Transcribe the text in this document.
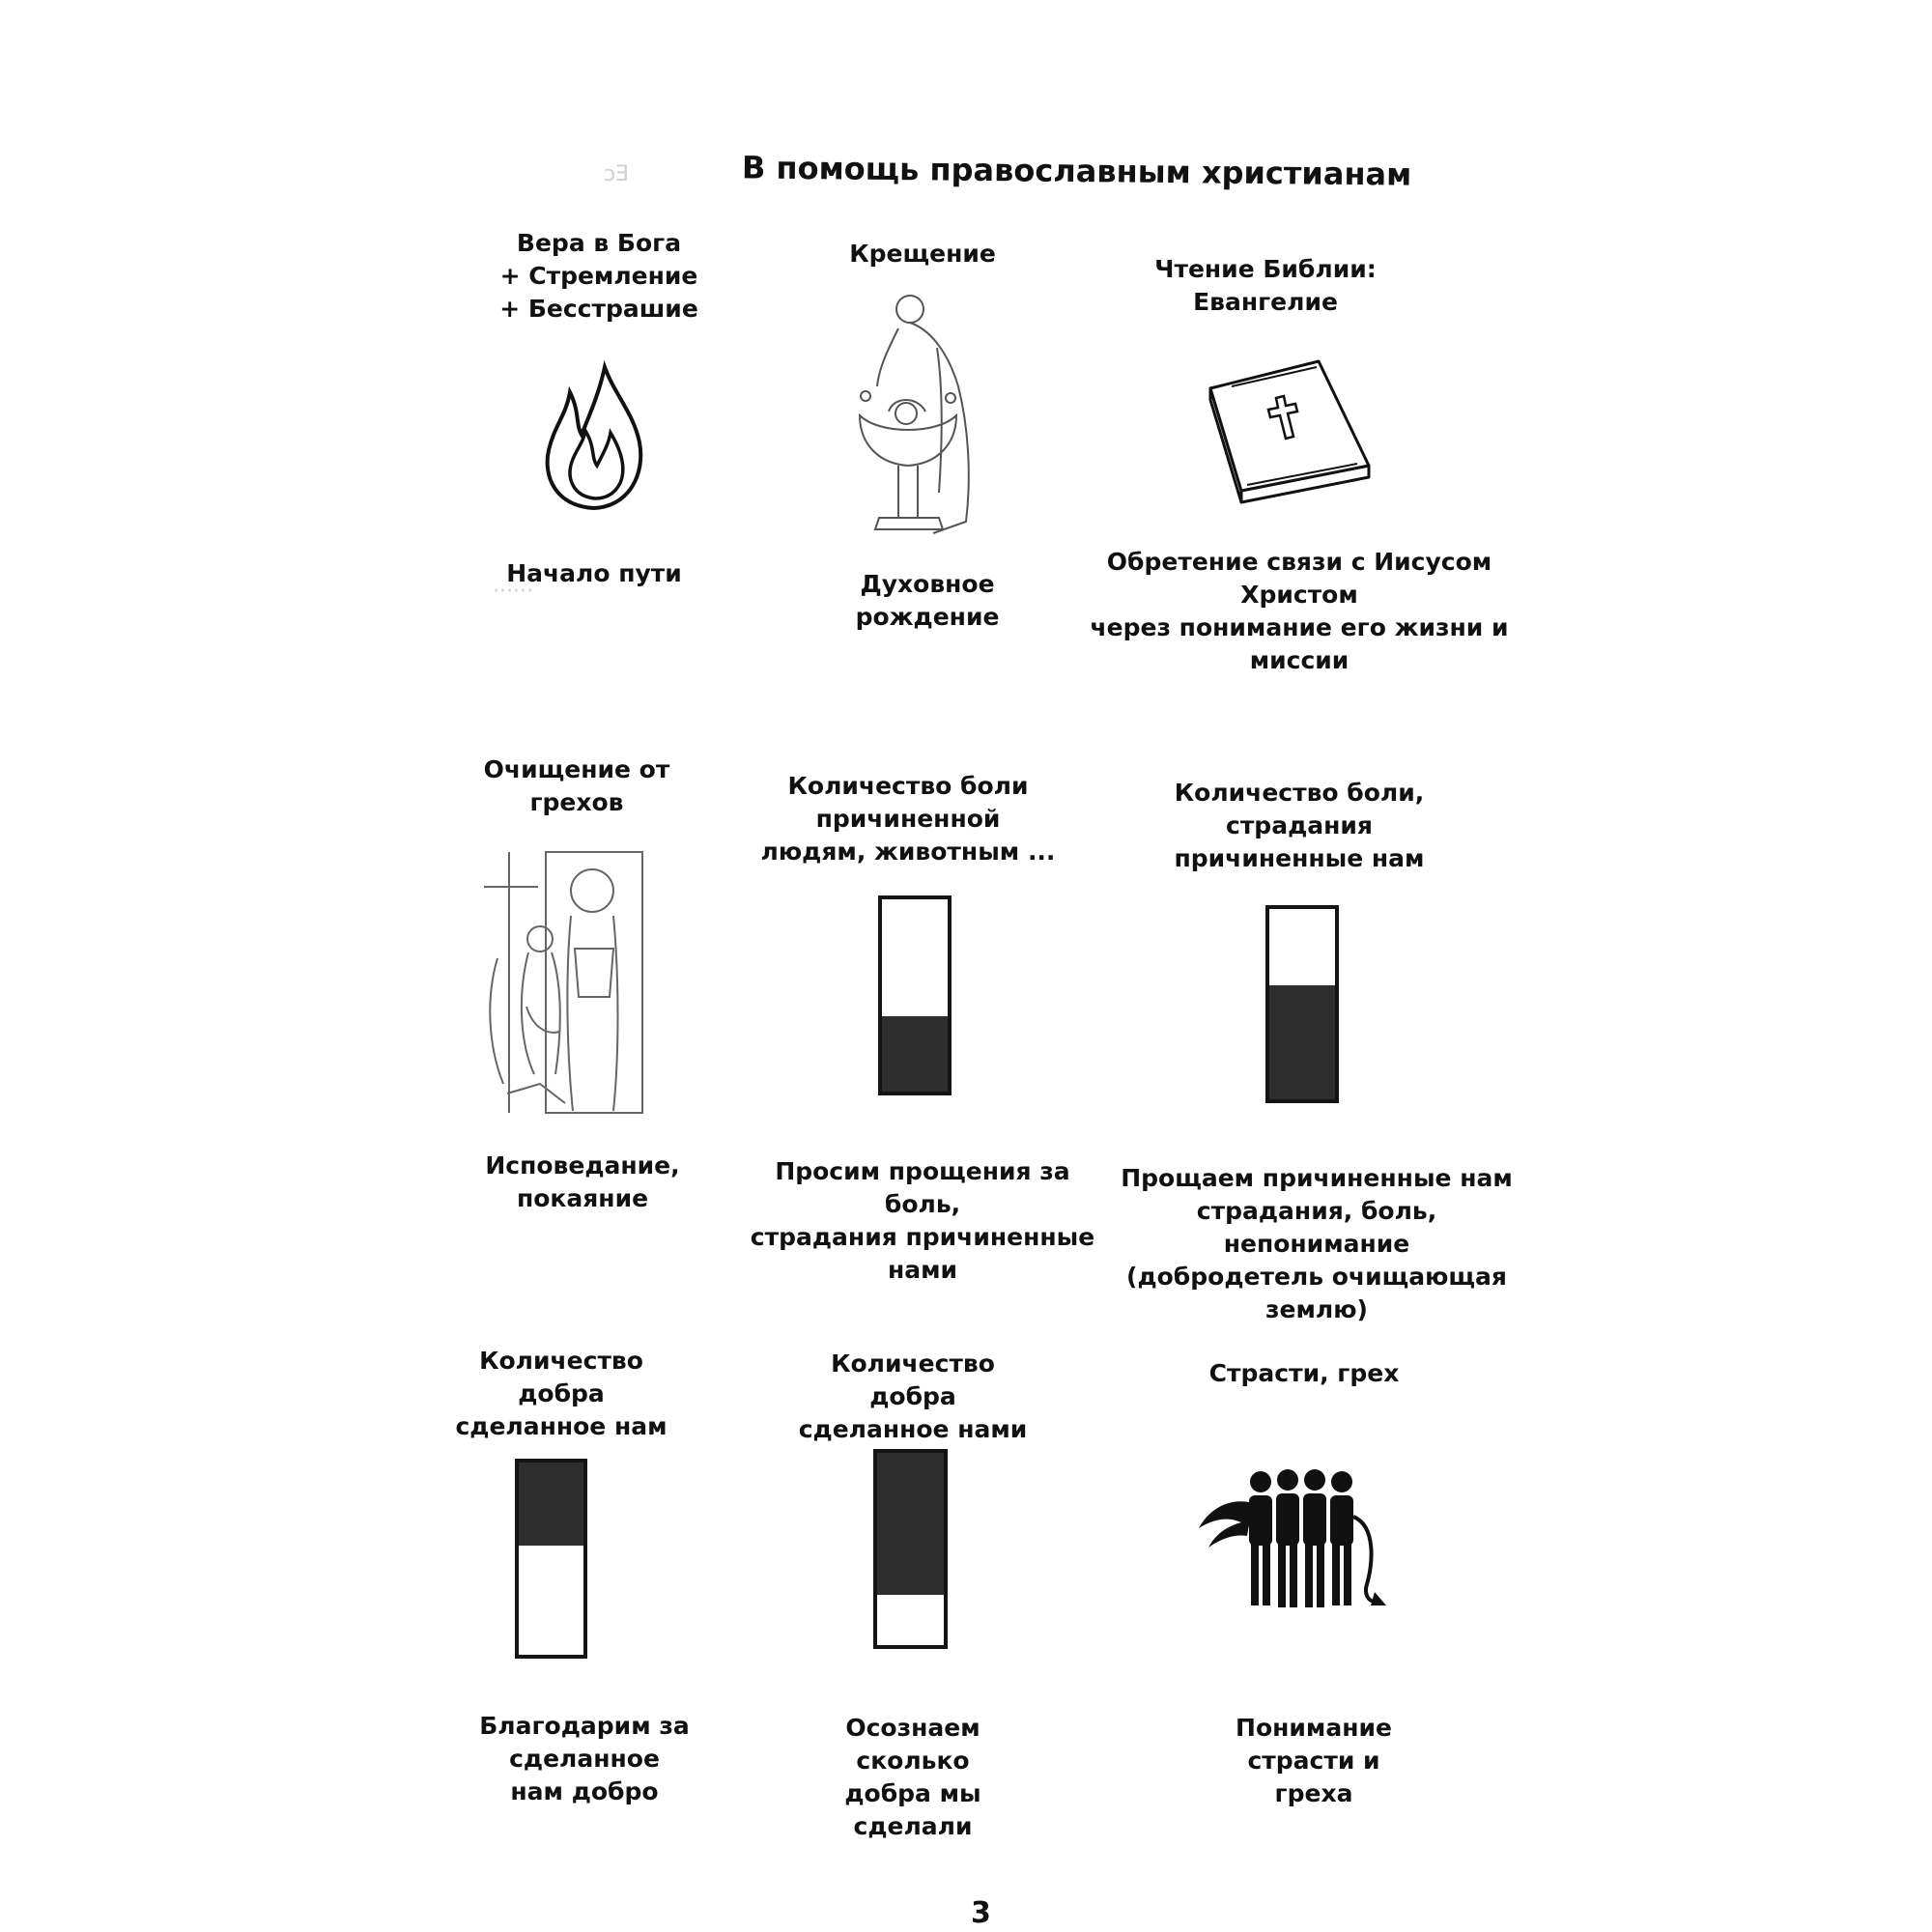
Ec
······
В помощь православным христианам
Вера в Бога
+ Стремление
+ Бесстрашие
Начало пути
Крещение
Духовное рождение
Чтение Библии:
Евангелие
Обретение связи с Иисусом Христом
через понимание его жизни и миссии
Очищение от грехов
Исповедание, покаяние
Количество боли причиненной
людям, животным ...
Просим прощения за боль,
страдания причиненные нами
Количество боли, страдания
причиненные нам
Прощаем причиненные нам
страдания, боль, непонимание
(добродетель очищающая землю)
Количество добра
сделанное нам
Благодарим за сделанное
нам добро
Количество добра
сделанное нами
Осознаем сколько
добра мы сделали
Страсти, грех
Понимание страсти и
греха
3
